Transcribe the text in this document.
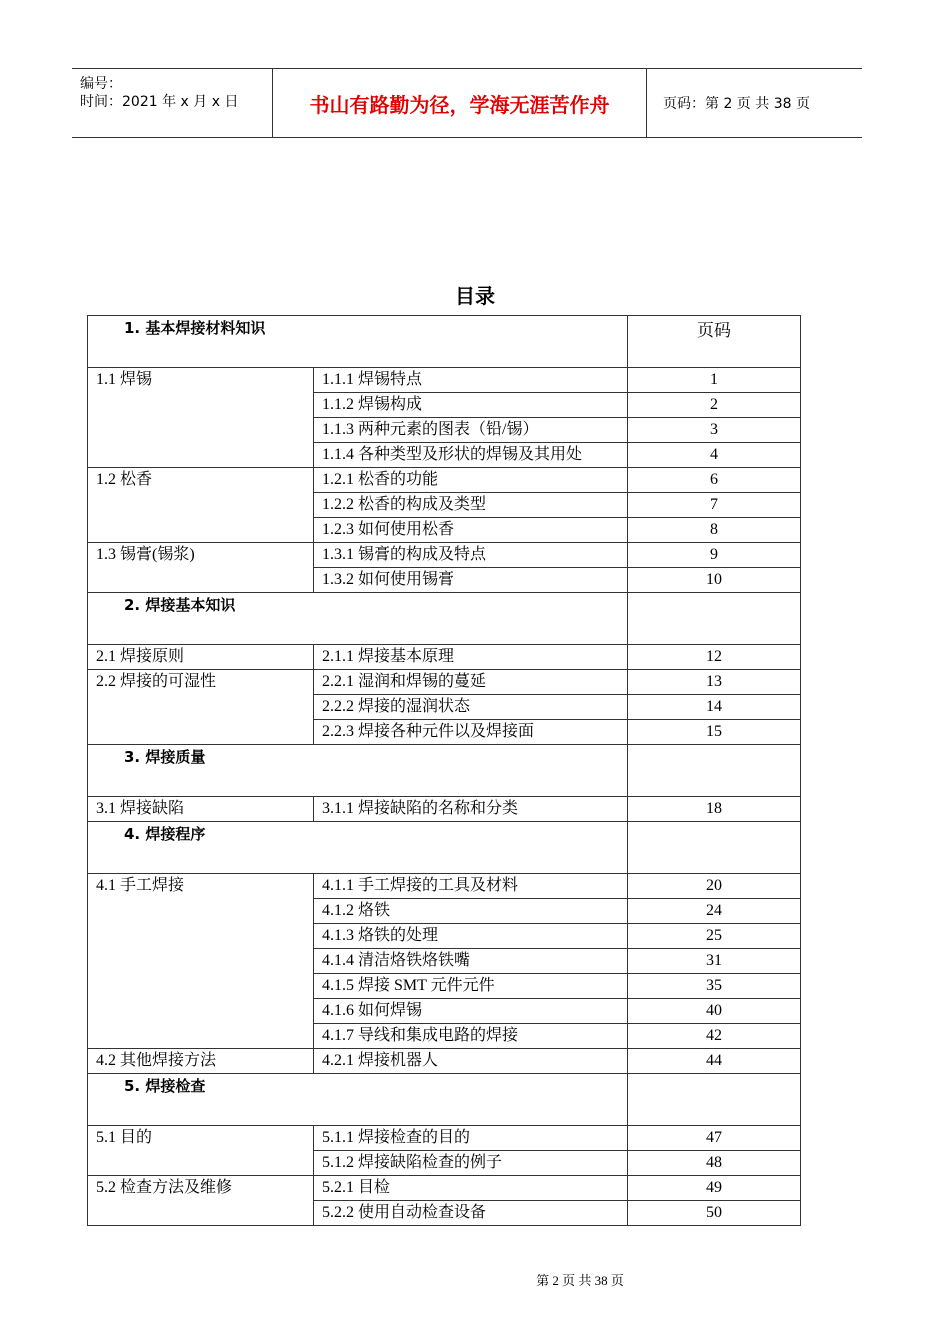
编号：
时间：2021 年 x 月 x 日	书山有路勤为径，学海无涯苦作舟	页码：第 2 页 共 38 页
目录
1. 基本焊接材料知识		页码
1.1 焊锡	1.1.1 焊锡特点	1
	1.1.2 焊锡构成	2
	1.1.3 两种元素的图表（铅/锡）	3
	1.1.4 各种类型及形状的焊锡及其用处	4
1.2 松香	1.2.1 松香的功能	6
	1.2.2 松香的构成及类型	7
	1.2.3 如何使用松香	8
1.3 锡膏(锡浆)	1.3.1 锡膏的构成及特点	9
	1.3.2 如何使用锡膏	10
2. 焊接基本知识		
2.1 焊接原则	2.1.1 焊接基本原理	12
2.2 焊接的可湿性	2.2.1 湿润和焊锡的蔓延	13
	2.2.2 焊接的湿润状态	14
	2.2.3 焊接各种元件以及焊接面	15
3. 焊接质量		
3.1 焊接缺陷	3.1.1 焊接缺陷的名称和分类	18
4. 焊接程序		
4.1 手工焊接	4.1.1 手工焊接的工具及材料	20
	4.1.2 烙铁	24
	4.1.3 烙铁的处理	25
	4.1.4 清洁烙铁烙铁嘴	31
	4.1.5 焊接 SMT 元件元件	35
	4.1.6 如何焊锡	40
	4.1.7 导线和集成电路的焊接	42
4.2 其他焊接方法	4.2.1 焊接机器人	44
5. 焊接检查		
5.1 目的	5.1.1 焊接检查的目的	47
	5.1.2 焊接缺陷检查的例子	48
5.2 检查方法及维修	5.2.1 目检	49
	5.2.2 使用自动检查设备	50
第 2 页 共 38 页
